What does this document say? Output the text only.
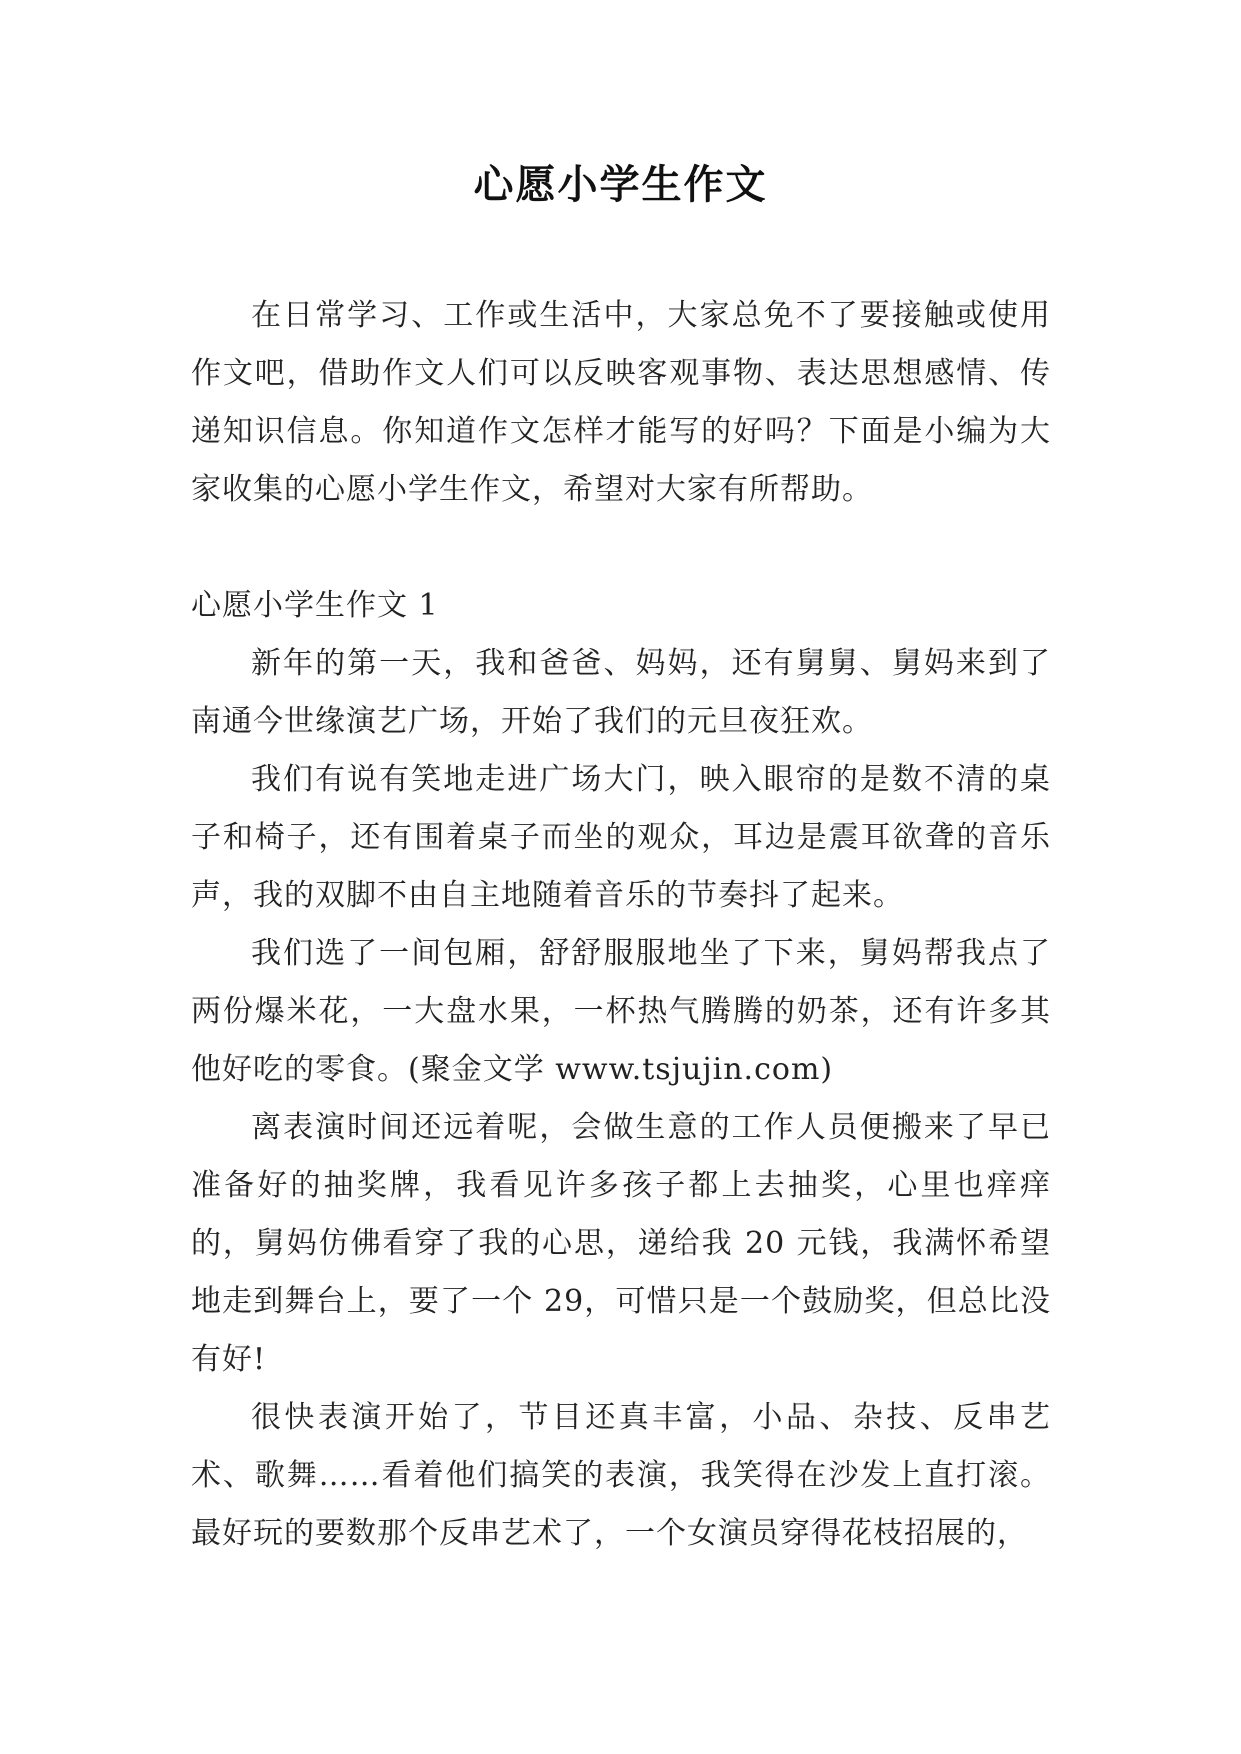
心愿小学生作文

在日常学习、工作或生活中，大家总免不了要接触或使用作文吧，借助作文人们可以反映客观事物、表达思想感情、传递知识信息。你知道作文怎样才能写的好吗？下面是小编为大家收集的心愿小学生作文，希望对大家有所帮助。

心愿小学生作文 1

新年的第一天，我和爸爸、妈妈，还有舅舅、舅妈来到了南通今世缘演艺广场，开始了我们的元旦夜狂欢。

我们有说有笑地走进广场大门，映入眼帘的是数不清的桌子和椅子，还有围着桌子而坐的观众，耳边是震耳欲聋的音乐声，我的双脚不由自主地随着音乐的节奏抖了起来。

我们选了一间包厢，舒舒服服地坐了下来，舅妈帮我点了两份爆米花，一大盘水果，一杯热气腾腾的奶茶，还有许多其他好吃的零食。(聚金文学 www.tsjujin.com)

离表演时间还远着呢，会做生意的工作人员便搬来了早已准备好的抽奖牌，我看见许多孩子都上去抽奖，心里也痒痒的，舅妈仿佛看穿了我的心思，递给我 20 元钱，我满怀希望地走到舞台上，要了一个 29，可惜只是一个鼓励奖，但总比没有好!

很快表演开始了，节目还真丰富，小品、杂技、反串艺术、歌舞……看着他们搞笑的表演，我笑得在沙发上直打滚。最好玩的要数那个反串艺术了，一个女演员穿得花枝招展的，
